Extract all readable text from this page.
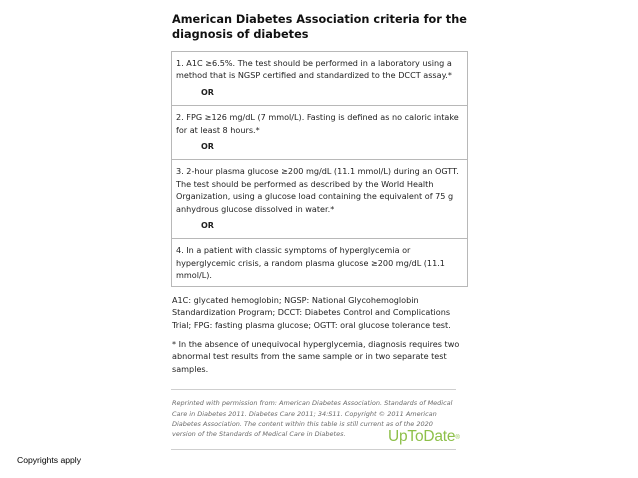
American Diabetes Association criteria for the diagnosis of diabetes
1. A1C ≥6.5%. The test should be performed in a laboratory using a method that is NGSP certified and standardized to the DCCT assay.*
OR
2. FPG ≥126 mg/dL (7 mmol/L). Fasting is defined as no caloric intake for at least 8 hours.*
OR
3. 2-hour plasma glucose ≥200 mg/dL (11.1 mmol/L) during an OGTT. The test should be performed as described by the World Health Organization, using a glucose load containing the equivalent of 75 g anhydrous glucose dissolved in water.*
OR
4. In a patient with classic symptoms of hyperglycemia or hyperglycemic crisis, a random plasma glucose ≥200 mg/dL (11.1 mmol/L).

A1C: glycated hemoglobin; NGSP: National Glycohemoglobin Standardization Program; DCCT: Diabetes Control and Complications Trial; FPG: fasting plasma glucose; OGTT: oral glucose tolerance test.

* In the absence of unequivocal hyperglycemia, diagnosis requires two abnormal test results from the same sample or in two separate test samples.

Reprinted with permission from: American Diabetes Association. Standards of Medical Care in Diabetes 2011. Diabetes Care 2011; 34:S11. Copyright © 2011 American Diabetes Association. The content within this table is still current as of the 2020 version of the Standards of Medical Care in Diabetes.	UpToDate®
Copyrights apply
